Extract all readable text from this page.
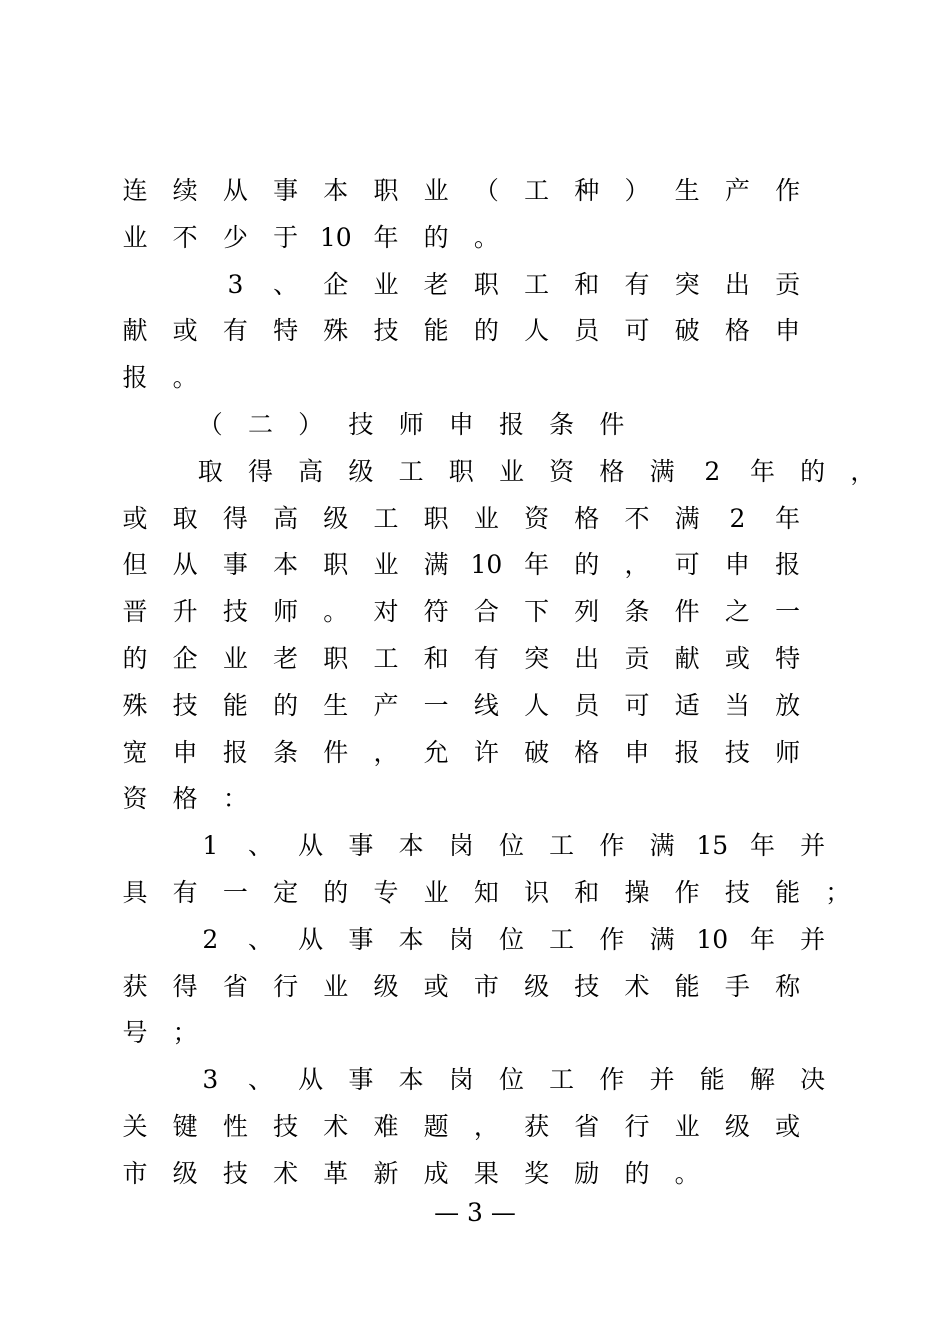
连	续	从	事	本	职	业	（	工	种	）	生	产	作
业	不	少	于 10 年	的	。
3	、	企	业	老	职	工	和	有	突	出	贡
献	或	有	特	殊	技	能	的	人	员	可	破	格	申
报	。
（	二	）	技	师	申	报	条	件
取	得	高	级	工	职	业	资	格	满	2	年	的	，
或	取	得	高	级	工	职	业	资	格	不	满	2	年
但	从	事	本	职	业	满 10 年	的	，	可	申	报
晋	升	技	师	。	对	符	合	下	列	条	件	之	一
的	企	业	老	职	工	和	有	突	出	贡	献	或	特
殊	技	能	的	生	产	一	线	人	员	可	适	当	放
宽	申	报	条	件	，	允	许	破	格	申	报	技	师
资	格	：
1	、	从	事	本	岗	位	工	作	满 15 年	并
具	有	一	定	的	专	业	知	识	和	操	作	技	能	；
2	、	从	事	本	岗	位	工	作	满 10 年	并
获	得	省	行	业	级	或	市	级	技	术	能	手	称
号	；
3	、	从	事	本	岗	位	工	作	并	能	解	决
关	键	性	技	术	难	题	，	获	省	行	业	级	或
市	级	技	术	革	新	成	果	奖	励	的	。
— 3 —
